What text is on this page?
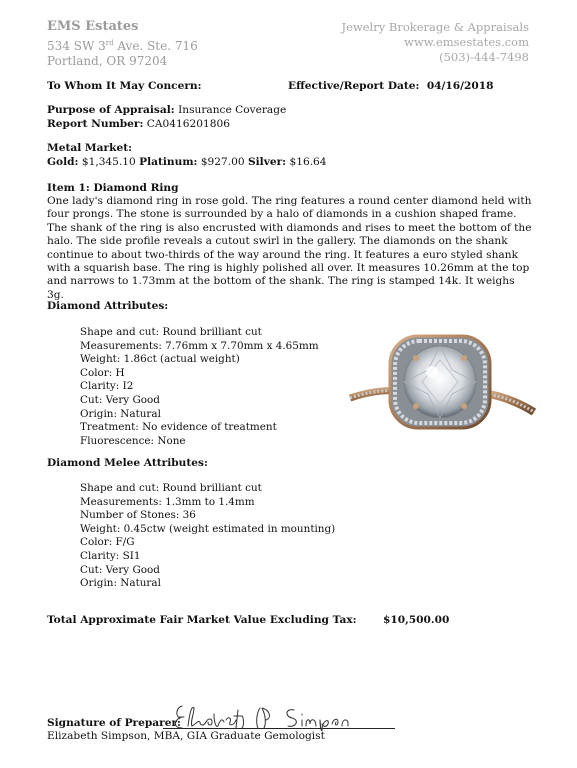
EMS Estates
534 SW 3rd Ave. Ste. 716
Portland, OR 97204
Jewelry Brokerage & Appraisals
www.emsestates.com
(503)-444-7498
To Whom It May Concern:	Effective/Report Date: 04/16/2018
Purpose of Appraisal: Insurance Coverage
Report Number: CA0416201806
Metal Market:
Gold: $1,345.10 Platinum: $927.00 Silver: $16.64
Item 1: Diamond Ring
One lady's diamond ring in rose gold. The ring features a round center diamond held with four prongs. The stone is surrounded by a halo of diamonds in a cushion shaped frame. The shank of the ring is also encrusted with diamonds and rises to meet the bottom of the halo. The side profile reveals a cutout swirl in the gallery. The diamonds on the shank continue to about two-thirds of the way around the ring. It features a euro styled shank with a squarish base. The ring is highly polished all over. It measures 10.26mm at the top and narrows to 1.73mm at the bottom of the shank. The ring is stamped 14k. It weighs 3g.
Diamond Attributes:
Shape and cut: Round brilliant cut
Measurements: 7.76mm x 7.70mm x 4.65mm
Weight: 1.86ct (actual weight)
Color: H
Clarity: I2
Cut: Very Good
Origin: Natural
Treatment: No evidence of treatment
Fluorescence: None
Diamond Melee Attributes:
Shape and cut: Round brilliant cut
Measurements: 1.3mm to 1.4mm
Number of Stones: 36
Weight: 0.45ctw (weight estimated in mounting)
Color: F/G
Clarity: SI1
Cut: Very Good
Origin: Natural
Total Approximate Fair Market Value Excluding Tax: $10,500.00
Signature of Preparer:
Elizabeth Simpson, MBA, GIA Graduate Gemologist
